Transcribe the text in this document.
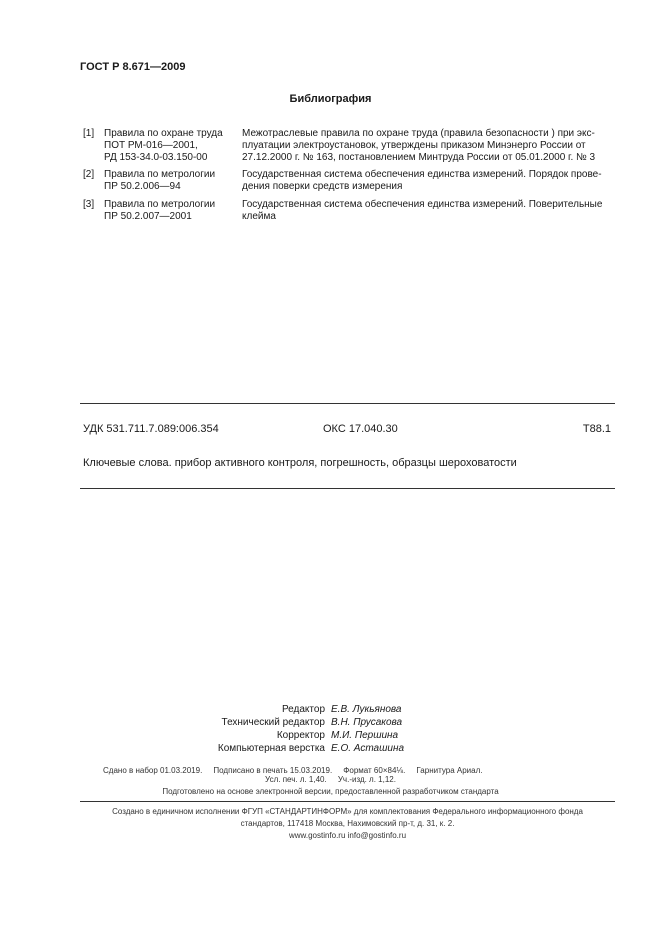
ГОСТ Р 8.671—2009
Библиография
[1] Правила по охране труда
ПОТ РМ-016—2001,
РД 153-34.0-03.150-00
Межотраслевые правила по охране труда (правила безопасности ) при экс-
плуатации электроустановок, утверждены приказом Минэнерго России от
27.12.2000 г. № 163, постановлением Минтруда России от 05.01.2000 г. № 3
[2] Правила по метрологии
ПР 50.2.006—94
Государственная система обеспечения единства измерений. Порядок прове-
дения поверки средств измерения
[3] Правила по метрологии
ПР 50.2.007—2001
Государственная система обеспечения единства измерений. Поверительные
клейма
УДК 531.711.7.089:006.354	ОКС 17.040.30	Т88.1
Ключевые слова. прибор активного контроля, погрешность, образцы шероховатости
Редактор Е.В. Лукьянова
Технический редактор В.Н. Прусакова
Корректор М.И. Першина
Компьютерная верстка Е.О. Асташина
Сдано в набор 01.03.2019.     Подписано в печать 15.03.2019.     Формат 60×84⅛.     Гарнитура Ариал.
Усл. печ. л. 1,40.     Уч.-изд. л. 1,12.
Подготовлено на основе электронной версии, предоставленной разработчиком стандарта
Создано в единичном исполнении ФГУП «СТАНДАРТИНФОРМ» для комплектования Федерального информационного фонда
стандартов, 117418 Москва, Нахимовский пр-т, д. 31, к. 2.
www.gostinfo.ru info@gostinfo.ru
